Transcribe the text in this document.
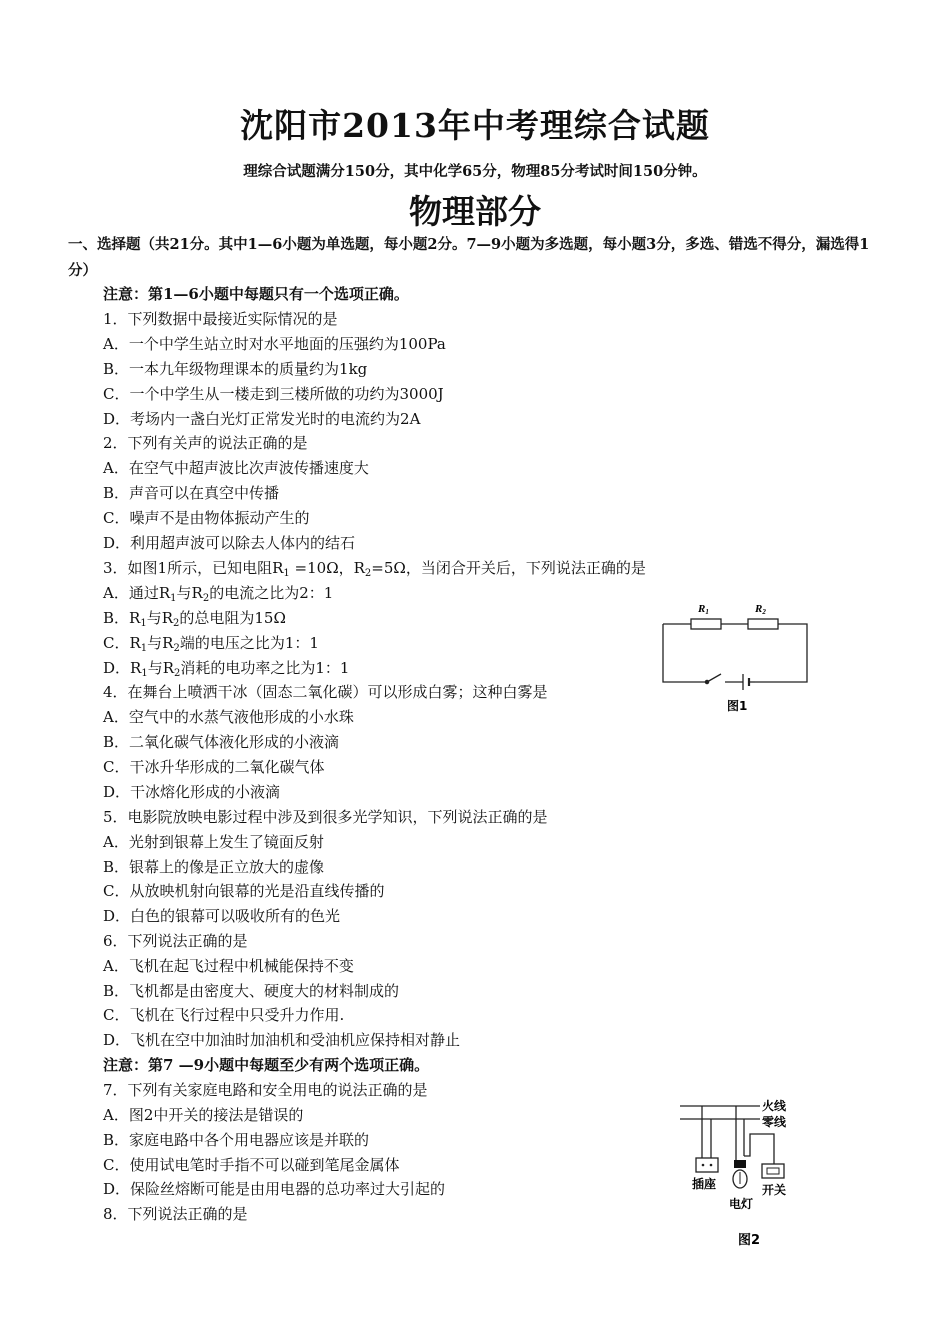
沈阳市2013年中考理综合试题
理综合试题满分150分，其中化学65分，物理85分考试时间150分钟。
物理部分
一、选择题（共21分。其中1—6小题为单选题，每小题2分。7—9小题为多选题，每小题3分，多选、错选不得分，漏选得1分）
注意：第1—6小题中每题只有一个选项正确。
1．下列数据中最接近实际情况的是
A．一个中学生站立时对水平地面的压强约为100Pa
B．一本九年级物理课本的质量约为1kg
C．一个中学生从一楼走到三楼所做的功约为3000J
D．考场内一盏白光灯正常发光时的电流约为2A
2．下列有关声的说法正确的是
A．在空气中超声波比次声波传播速度大
B．声音可以在真空中传播
C．噪声不是由物体振动产生的
D．利用超声波可以除去人体内的结石
3．如图1所示，已知电阻$R_1 =10\Omega$，$R_2=5\Omega$，当闭合开关后，下列说法正确的是
A．通过$R_1$与$R_2$的电流之比为2：1
B．$R_1$与$R_2$的总电阻为15Ω
C．$R_1$与$R_2$端的电压之比为1：1
D．$R_1$与$R_2$消耗的电功率之比为1：1
4．在舞台上喷洒干冰（固态二氧化碳）可以形成白雾；这种白雾是
A．空气中的水蒸气液他形成的小水珠
B．二氧化碳气体液化形成的小液滴
C．干冰升华形成的二氧化碳气体
D．干冰熔化形成的小液滴
5．电影院放映电影过程中涉及到很多光学知识，下列说法正确的是
A．光射到银幕上发生了镜面反射
B．银幕上的像是正立放大的虚像
C．从放映机射向银幕的光是沿直线传播的
D．白色的银幕可以吸收所有的色光
6．下列说法正确的是
A．飞机在起飞过程中机械能保持不变
B．飞机都是由密度大、硬度大的材料制成的
C．飞机在飞行过程中只受升力作用.
D．飞机在空中加油时加油机和受油机应保持相对静止
注意：第7 —9小题中每题至少有两个选项正确。
7．下列有关家庭电路和安全用电的说法正确的是
A．图2中开关的接法是错误的
B．家庭电路中各个用电器应该是并联的
C．使用试电笔时手指不可以碰到笔尾金属体
D．保险丝熔断可能是由用电器的总功率过大引起的
8．下列说法正确的是
R1	R2
图1
火线
零线
插座
电灯
开关
图2
